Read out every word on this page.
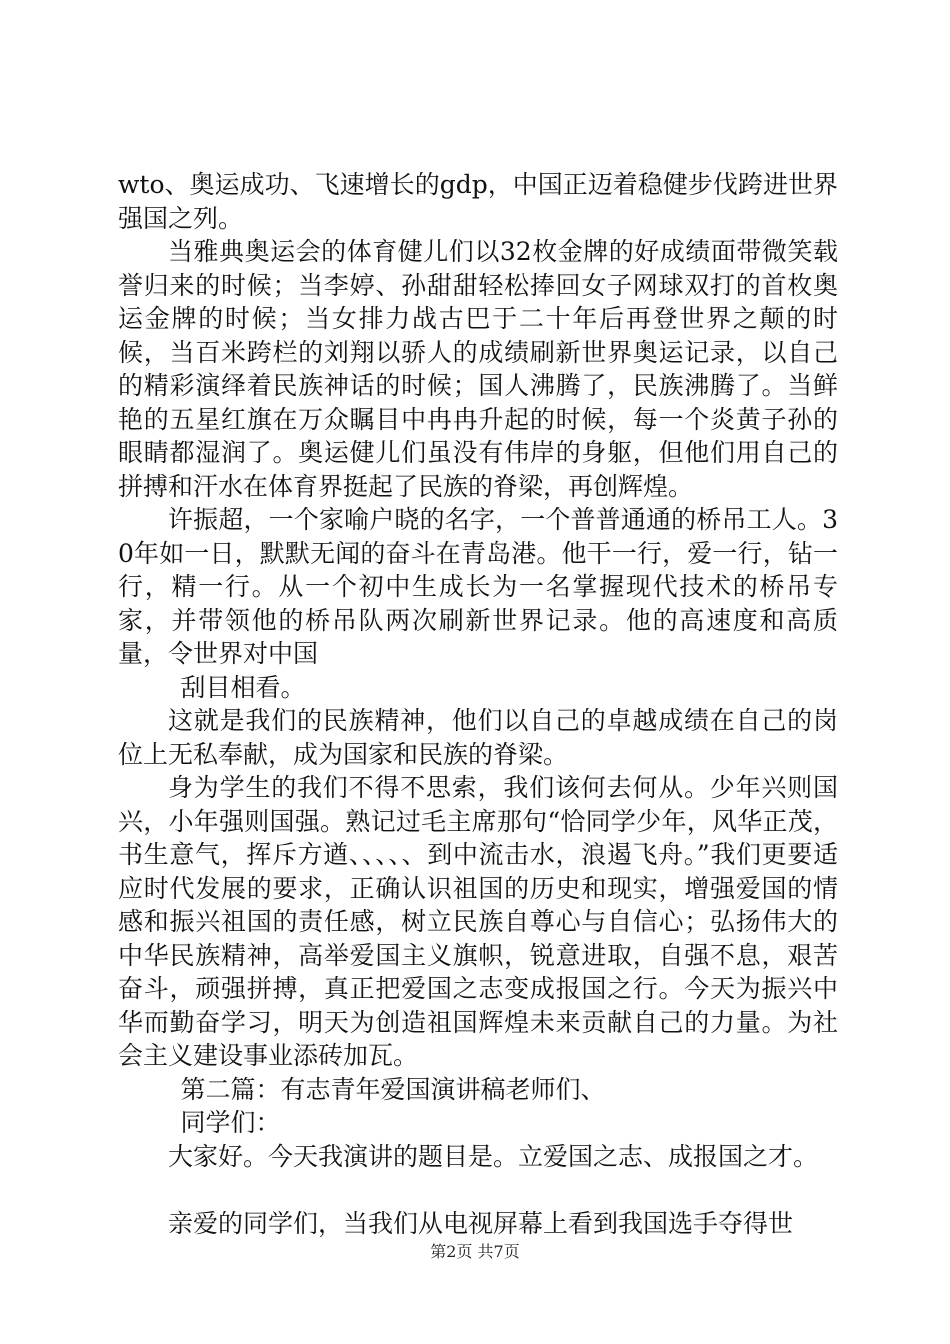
wto、奥运成功、飞速增长的gdp，中国正迈着稳健步伐跨进世界强国之列。

当雅典奥运会的体育健儿们以32枚金牌的好成绩面带微笑载誉归来的时候；当李婷、孙甜甜轻松捧回女子网球双打的首枚奥运金牌的时候；当女排力战古巴于二十年后再登世界之颠的时候，当百米跨栏的刘翔以骄人的成绩刷新世界奥运记录，以自己的精彩演绎着民族神话的时候；国人沸腾了，民族沸腾了。当鲜艳的五星红旗在万众瞩目中冉冉升起的时候，每一个炎黄子孙的眼睛都湿润了。奥运健儿们虽没有伟岸的身躯，但他们用自己的拼搏和汗水在体育界挺起了民族的脊梁，再创辉煌。

许振超，一个家喻户晓的名字，一个普普通通的桥吊工人。30年如一日，默默无闻的奋斗在青岛港。他干一行，爱一行，钻一行，精一行。从一个初中生成长为一名掌握现代技术的桥吊专家，并带领他的桥吊队两次刷新世界记录。他的高速度和高质量，令世界对中国

刮目相看。

这就是我们的民族精神，他们以自己的卓越成绩在自己的岗位上无私奉献，成为国家和民族的脊梁。

身为学生的我们不得不思索，我们该何去何从。少年兴则国兴，小年强则国强。熟记过毛主席那句“恰同学少年，风华正茂，书生意气，挥斥方遒、、、、、到中流击水，浪遏飞舟。”我们更要适应时代发展的要求，正确认识祖国的历史和现实，增强爱国的情感和振兴祖国的责任感，树立民族自尊心与自信心；弘扬伟大的中华民族精神，高举爱国主义旗帜，锐意进取，自强不息，艰苦奋斗，顽强拼搏，真正把爱国之志变成报国之行。今天为振兴中华而勤奋学习，明天为创造祖国辉煌未来贡献自己的力量。为社会主义建设事业添砖加瓦。

第二篇：有志青年爱国演讲稿老师们、

同学们：

大家好。今天我演讲的题目是。立爱国之志、成报国之才。

亲爱的同学们，当我们从电视屏幕上看到我国选手夺得世

第2页 共7页
